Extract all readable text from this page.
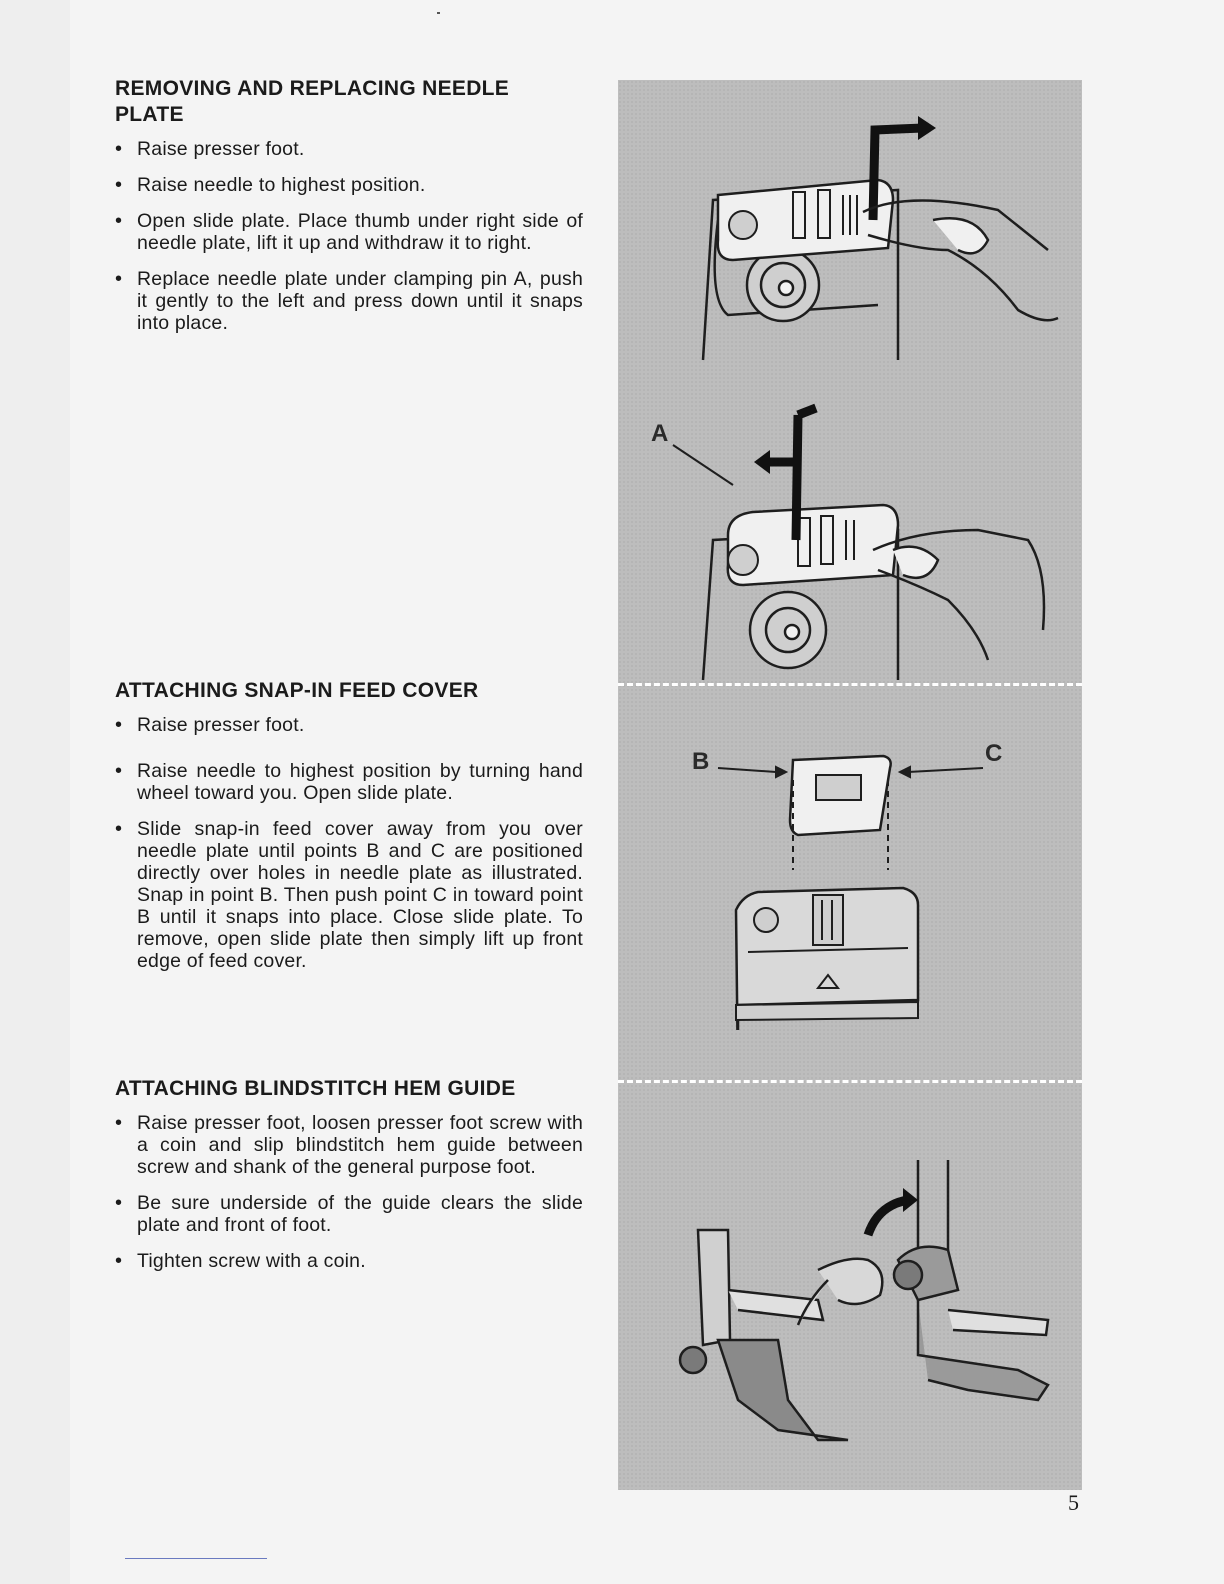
REMOVING AND REPLACING NEEDLE
PLATE
• Raise presser foot.
• Raise needle to highest position.
• Open slide plate. Place thumb under right side of needle plate, lift it up and withdraw it to right.
• Replace needle plate under clamping pin A, push it gently to the left and press down until it snaps into place.
ATTACHING SNAP-IN FEED COVER
• Raise presser foot.
• Raise needle to highest position by turning hand wheel toward you. Open slide plate.
• Slide snap-in feed cover away from you over needle plate until points B and C are positioned directly over holes in needle plate as illustrated. Snap in point B. Then push point C in toward point B until it snaps into place. Close slide plate. To remove, open slide plate then simply lift up front edge of feed cover.
ATTACHING BLINDSTITCH HEM GUIDE
• Raise presser foot, loosen presser foot screw with a coin and slip blindstitch hem guide between screw and shank of the general purpose foot.
• Be sure underside of the guide clears the slide plate and front of foot.
• Tighten screw with a coin.
A
B	C
5
